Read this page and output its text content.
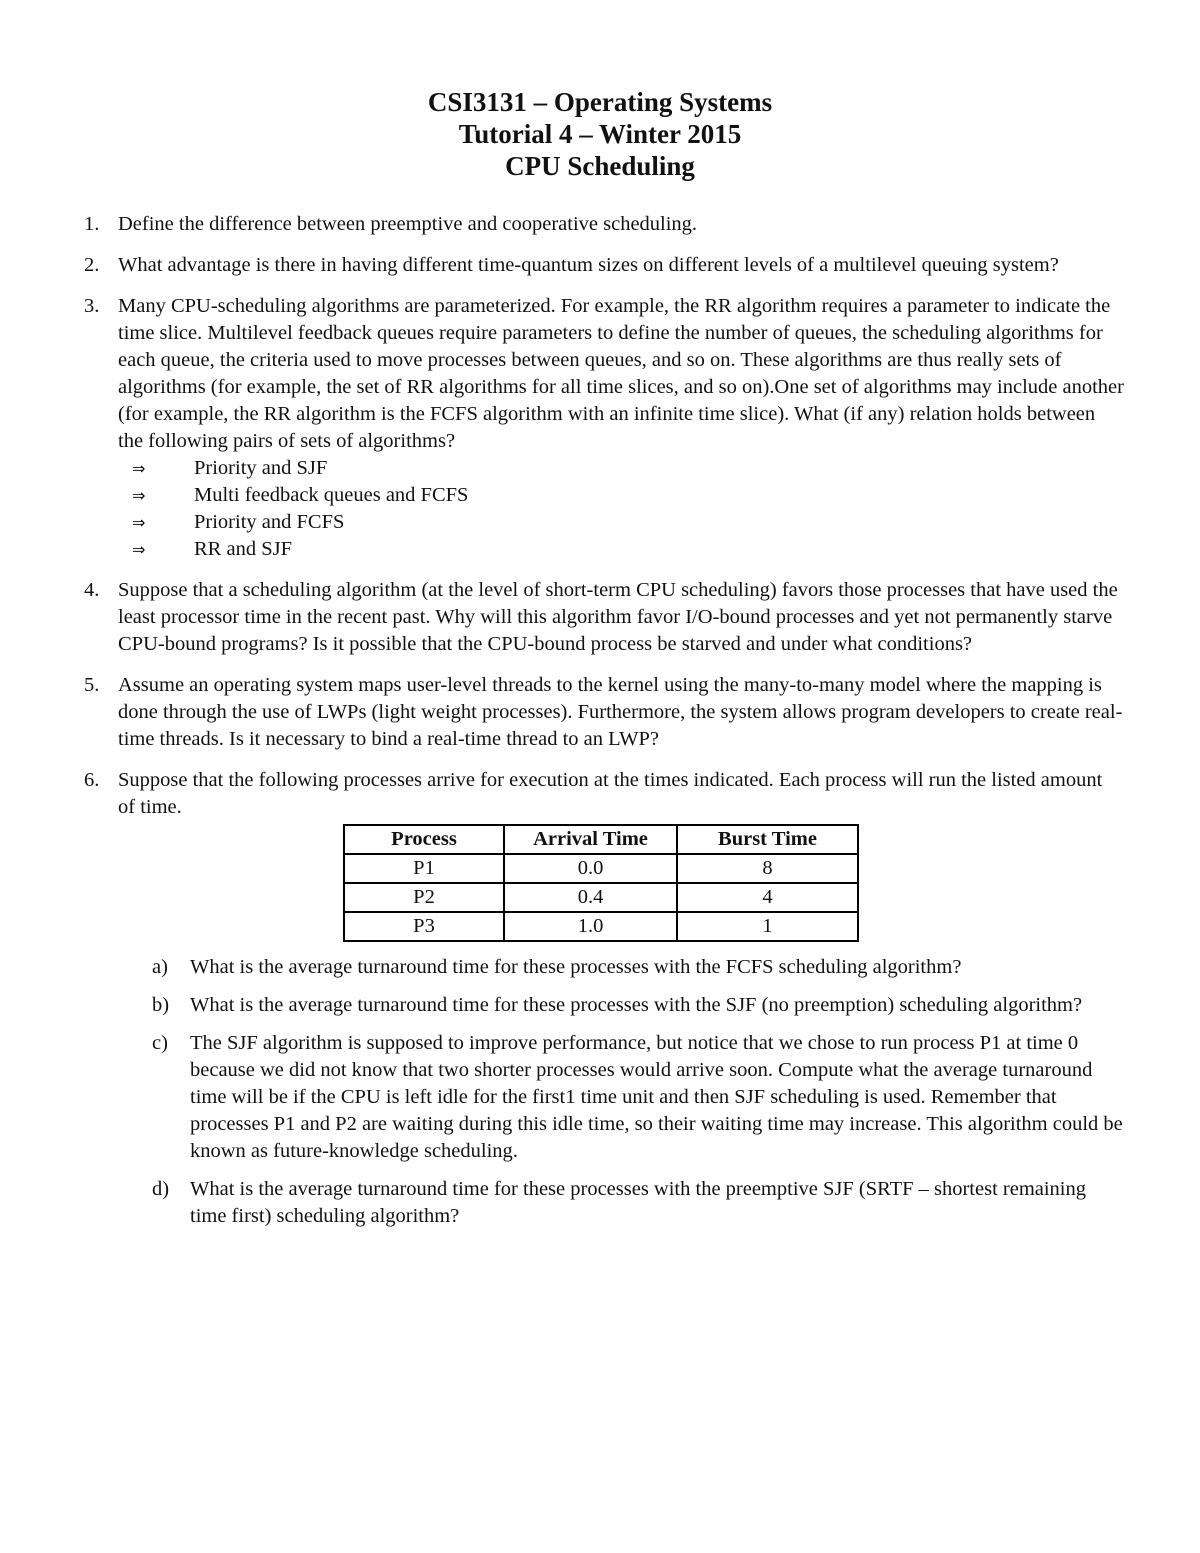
CSI3131 – Operating Systems
Tutorial 4 – Winter 2015
CPU Scheduling
1. Define the difference between preemptive and cooperative scheduling.
2. What advantage is there in having different time-quantum sizes on different levels of a multilevel queuing system?
3. Many CPU-scheduling algorithms are parameterized. For example, the RR algorithm requires a parameter to indicate the time slice. Multilevel feedback queues require parameters to define the number of queues, the scheduling algorithms for each queue, the criteria used to move processes between queues, and so on. These algorithms are thus really sets of algorithms (for example, the set of RR algorithms for all time slices, and so on).One set of algorithms may include another (for example, the RR algorithm is the FCFS algorithm with an infinite time slice). What (if any) relation holds between the following pairs of sets of algorithms?
⇒ Priority and SJF
⇒ Multi feedback queues and FCFS
⇒ Priority and FCFS
⇒ RR and SJF
4. Suppose that a scheduling algorithm (at the level of short-term CPU scheduling) favors those processes that have used the least processor time in the recent past. Why will this algorithm favor I/O-bound processes and yet not permanently starve CPU-bound programs? Is it possible that the CPU-bound process be starved and under what conditions?
5. Assume an operating system maps user-level threads to the kernel using the many-to-many model where the mapping is done through the use of LWPs (light weight processes). Furthermore, the system allows program developers to create real-time threads. Is it necessary to bind a real-time thread to an LWP?
6. Suppose that the following processes arrive for execution at the times indicated. Each process will run the listed amount of time.
Process	Arrival Time	Burst Time
P1	0.0	8
P2	0.4	4
P3	1.0	1
a) What is the average turnaround time for these processes with the FCFS scheduling algorithm?
b) What is the average turnaround time for these processes with the SJF (no preemption) scheduling algorithm?
c) The SJF algorithm is supposed to improve performance, but notice that we chose to run process P1 at time 0 because we did not know that two shorter processes would arrive soon. Compute what the average turnaround time will be if the CPU is left idle for the first1 time unit and then SJF scheduling is used. Remember that processes P1 and P2 are waiting during this idle time, so their waiting time may increase. This algorithm could be known as future-knowledge scheduling.
d) What is the average turnaround time for these processes with the preemptive SJF (SRTF – shortest remaining time first) scheduling algorithm?
